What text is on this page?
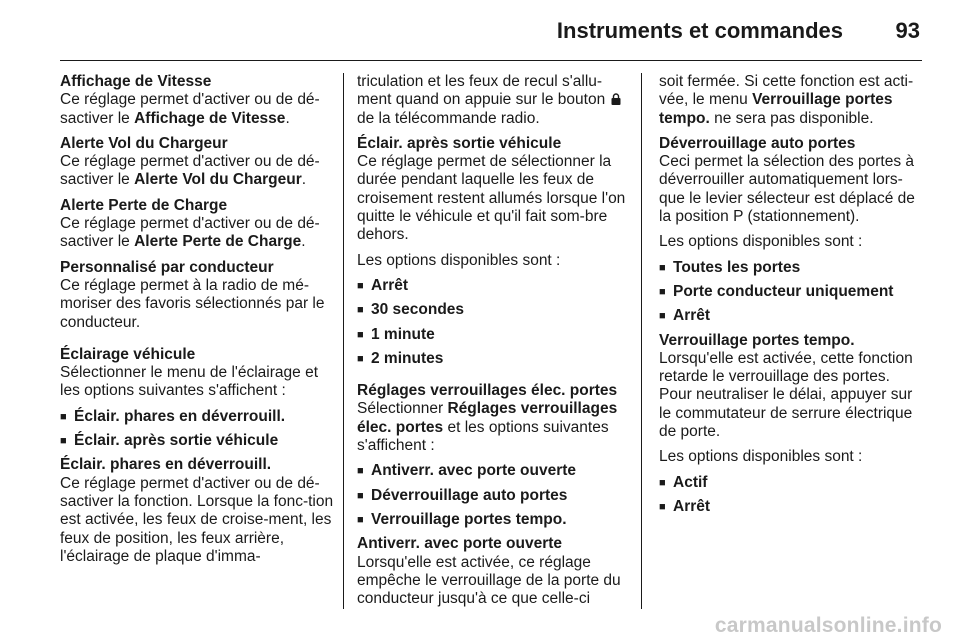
Instruments et commandes 93
Affichage de Vitesse

Ce réglage permet d'activer ou de dé-sactiver le Affichage de Vitesse.

Alerte Vol du Chargeur

Ce réglage permet d'activer ou de dé-sactiver le Alerte Vol du Chargeur.

Alerte Perte de Charge

Ce réglage permet d'activer ou de dé-sactiver le Alerte Perte de Charge.

Personnalisé par conducteur

Ce réglage permet à la radio de mé-moriser des favoris sélectionnés par le conducteur.

Éclairage véhicule

Sélectionner le menu de l'éclairage et les options suivantes s'affichent :

■ Éclair. phares en déverrouill.
■ Éclair. après sortie véhicule
Éclair. phares en déverrouill.

Ce réglage permet d'activer ou de dé-sactiver la fonction. Lorsque la fonc-tion est activée, les feux de croise-ment, les feux de position, les feux arrière, l'éclairage de plaque d'imma-

triculation et les feux de recul s'allu-ment quand on appuie sur le bouton  de la télécommande radio.

Éclair. après sortie véhicule

Ce réglage permet de sélectionner la durée pendant laquelle les feux de croisement restent allumés lorsque l'on quitte le véhicule et qu'il fait som-bre dehors.

Les options disponibles sont :

■ Arrêt
■ 30 secondes
■ 1 minute
■ 2 minutes
Réglages verrouillages élec. portes

Sélectionner Réglages verrouillages élec. portes et les options suivantes s'affichent :

■ Antiverr. avec porte ouverte
■ Déverrouillage auto portes
■ Verrouillage portes tempo.
Antiverr. avec porte ouverte

Lorsqu'elle est activée, ce réglage empêche le verrouillage de la porte du conducteur jusqu'à ce que celle-ci

soit fermée. Si cette fonction est acti-vée, le menu Verrouillage portes tempo. ne sera pas disponible.

Déverrouillage auto portes

Ceci permet la sélection des portes à déverrouiller automatiquement lors-que le levier sélecteur est déplacé de la position P (stationnement).

Les options disponibles sont :

■ Toutes les portes
■ Porte conducteur uniquement
■ Arrêt
Verrouillage portes tempo.

Lorsqu'elle est activée, cette fonction retarde le verrouillage des portes.

Pour neutraliser le délai, appuyer sur le commutateur de serrure électrique de porte.

Les options disponibles sont :

■ Actif
■ Arrêt
carmanualsonline.info
